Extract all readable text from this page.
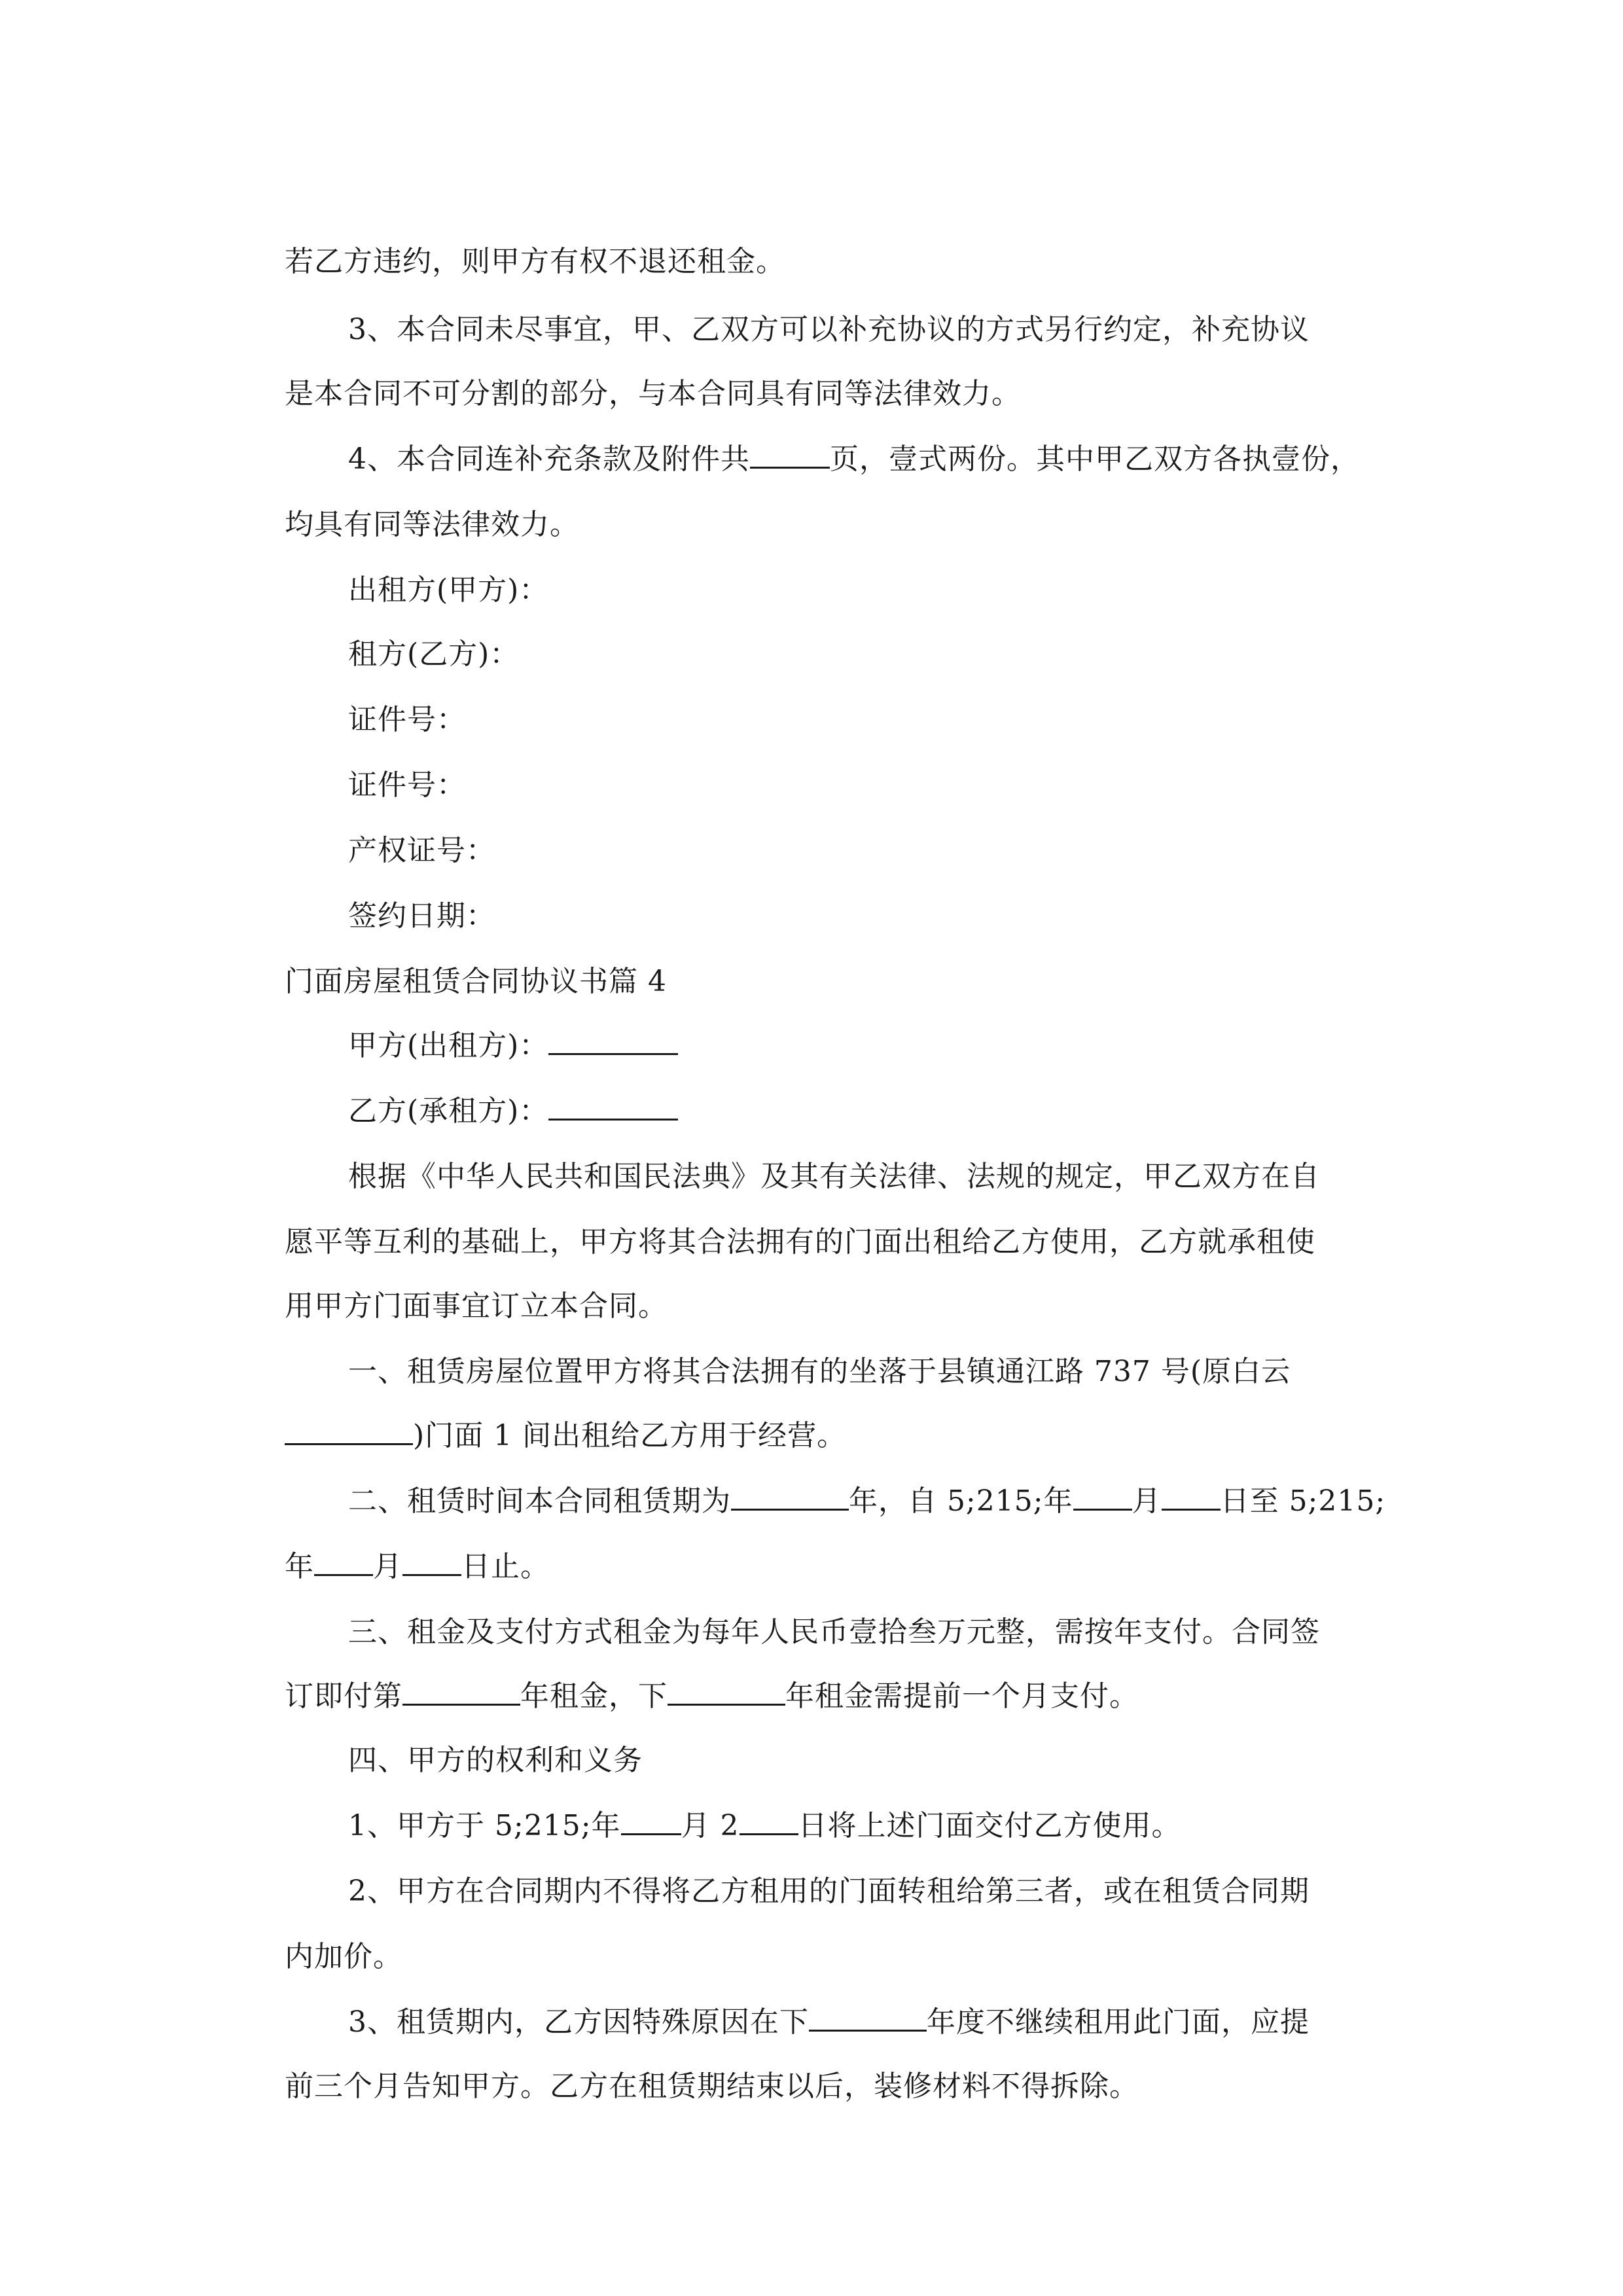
若乙方违约，则甲方有权不退还租金。

3、本合同未尽事宜，甲、乙双方可以补充协议的方式另行约定，补充协议

是本合同不可分割的部分，与本合同具有同等法律效力。

4、本合同连补充条款及附件共	页，壹式两份。其中甲乙双方各执壹份，

均具有同等法律效力。

出租方(甲方)：

租方(乙方)：

证件号：

证件号：

产权证号：

签约日期：

门面房屋租赁合同协议书篇 4

甲方(出租方)：

乙方(承租方)：

根据《中华人民共和国民法典》及其有关法律、法规的规定，甲乙双方在自

愿平等互利的基础上，甲方将其合法拥有的门面出租给乙方使用，乙方就承租使

用甲方门面事宜订立本合同。

一、租赁房屋位置甲方将其合法拥有的坐落于县镇通江路 737 号(原白云

)门面 1 间出租给乙方用于经营。

二、租赁时间本合同租赁期为	年，自 5;215;年 月 日至 5;215;

年 月 日止。

三、租金及支付方式租金为每年人民币壹拾叁万元整，需按年支付。合同签

订即付第	年租金，下	年租金需提前一个月支付。

四、甲方的权利和义务

1、甲方于 5;215;年 月 2 日将上述门面交付乙方使用。

2、甲方在合同期内不得将乙方租用的门面转租给第三者，或在租赁合同期

内加价。

3、租赁期内，乙方因特殊原因在下	年度不继续租用此门面，应提

前三个月告知甲方。乙方在租赁期结束以后，装修材料不得拆除。
